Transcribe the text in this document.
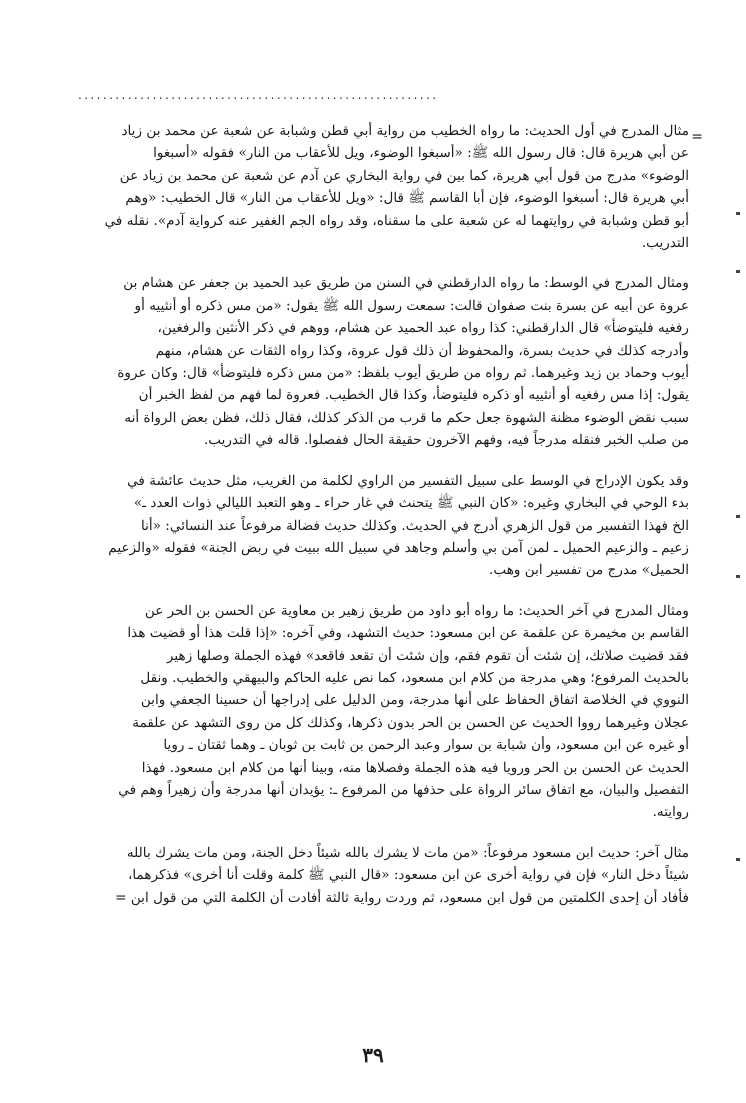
..........................................................
=
مثال المدرج في أول الحديث: ما رواه الخطيب من رواية أبي قطن وشبابة عن شعبة عن محمد بن زياد
عن أبي هريرة قال: قال رسول الله ﷺ: «أسبغوا الوضوء، ويل للأعقاب من النار» فقوله «أسبغوا
الوضوء» مدرج من قول أبي هريرة، كما بين في رواية البخاري عن آدم عن شعبة عن محمد بن زياد عن
أبي هريرة قال: أسبغوا الوضوء، فإن أبا القاسم ﷺ قال: «ويل للأعقاب من النار» قال الخطيب: «وهم
أبو قطن وشبابة في روايتهما له عن شعبة على ما سقناه، وقد رواه الجم الغفير عنه كرواية آدم». نقله في
التدريب.
ومثال المدرج في الوسط: ما رواه الدارقطني في السنن من طريق عبد الحميد بن جعفر عن هشام بن
عروة عن أبيه عن بسرة بنت صفوان قالت: سمعت رسول الله ﷺ يقول: «من مس ذكره أو أنثييه أو
رفغيه فليتوضأ» قال الدارقطني: كذا رواه عبد الحميد عن هشام، ووهم في ذكر الأنثين والرفغين،
وأدرجه كذلك في حديث بسرة، والمحفوظ أن ذلك قول عروة، وكذا رواه الثقات عن هشام، منهم
أيوب وحماد بن زيد وغيرهما. ثم رواه من طريق أيوب بلفظ: «من مس ذكره فليتوضأ» قال: وكان عروة
يقول: إذا مس رفغيه أو أنثييه أو ذكره فليتوضأ، وكذا قال الخطيب. فعروة لما فهم من لفظ الخبر أن
سبب نقض الوضوء مظنة الشهوة جعل حكم ما قرب من الذكر كذلك، فقال ذلك، فظن بعض الرواة أنه
من صلب الخبر فنقله مدرجاً فيه، وفهم الآخرون حقيقة الحال ففصلوا. قاله في التدريب.
وقد يكون الإدراج في الوسط على سبيل التفسير من الراوي لكلمة من الغريب، مثل حديث عائشة في
بدء الوحي في البخاري وغيره: «كان النبي ﷺ يتحنث في غار حراء ـ وهو التعبد الليالي ذوات العدد ـ»
الخ فهذا التفسير من قول الزهري أدرج في الحديث. وكذلك حديث فضالة مرفوعاً عند النسائي: «أنا
زعيم ـ والزعيم الحميل ـ لمن آمن بي وأسلم وجاهد في سبيل الله ببيت في ربض الجنة» فقوله «والزعيم
الحميل» مدرج من تفسير ابن وهب.
ومثال المدرج في آخر الحديث: ما رواه أبو داود من طريق زهير بن معاوية عن الحسن بن الحر عن
القاسم بن مخيمرة عن علقمة عن ابن مسعود: حديث التشهد، وفي آخره: «إذا قلت هذا أو قضيت هذا
فقد قضيت صلاتك، إن شئت أن تقوم فقم، وإن شئت أن تقعد فاقعد» فهذه الجملة وصلها زهير
بالحديث المرفوع؛ وهي مدرجة من كلام ابن مسعود، كما نص عليه الحاكم والبيهقي والخطيب. ونقل
النووي في الخلاصة اتفاق الحفاظ على أنها مدرجة، ومن الدليل على إدراجها أن حسينا الجعفي وابن
عجلان وغيرهما رووا الحديث عن الحسن بن الحر بدون ذكرها، وكذلك كل من روى التشهد عن علقمة
أو غيره عن ابن مسعود، وأن شبابة بن سوار وعبد الرحمن بن ثابت بن ثوبان ـ وهما ثقتان ـ رويا
الحديث عن الحسن بن الحر ورويا فيه هذه الجملة وفصلاها منه، وبينا أنها من كلام ابن مسعود. فهذا
التفصيل والبيان، مع اتفاق سائر الرواة على حذفها من المرفوع ـ: يؤيدان أنها مدرجة وأن زهيراً وهم في
روايته.
مثال آخر: حديث ابن مسعود مرفوعاً: «من مات لا يشرك بالله شيئاً دخل الجنة، ومن مات يشرك بالله
شيئاً دخل النار» فإن في رواية أخرى عن ابن مسعود: «قال النبي ﷺ كلمة وقلت أنا أخرى» فذكرهما،
فأفاد أن إحدى الكلمتين من قول ابن مسعود، ثم وردت رواية ثالثة أفادت أن الكلمة التي من قول ابن =
٣٩
